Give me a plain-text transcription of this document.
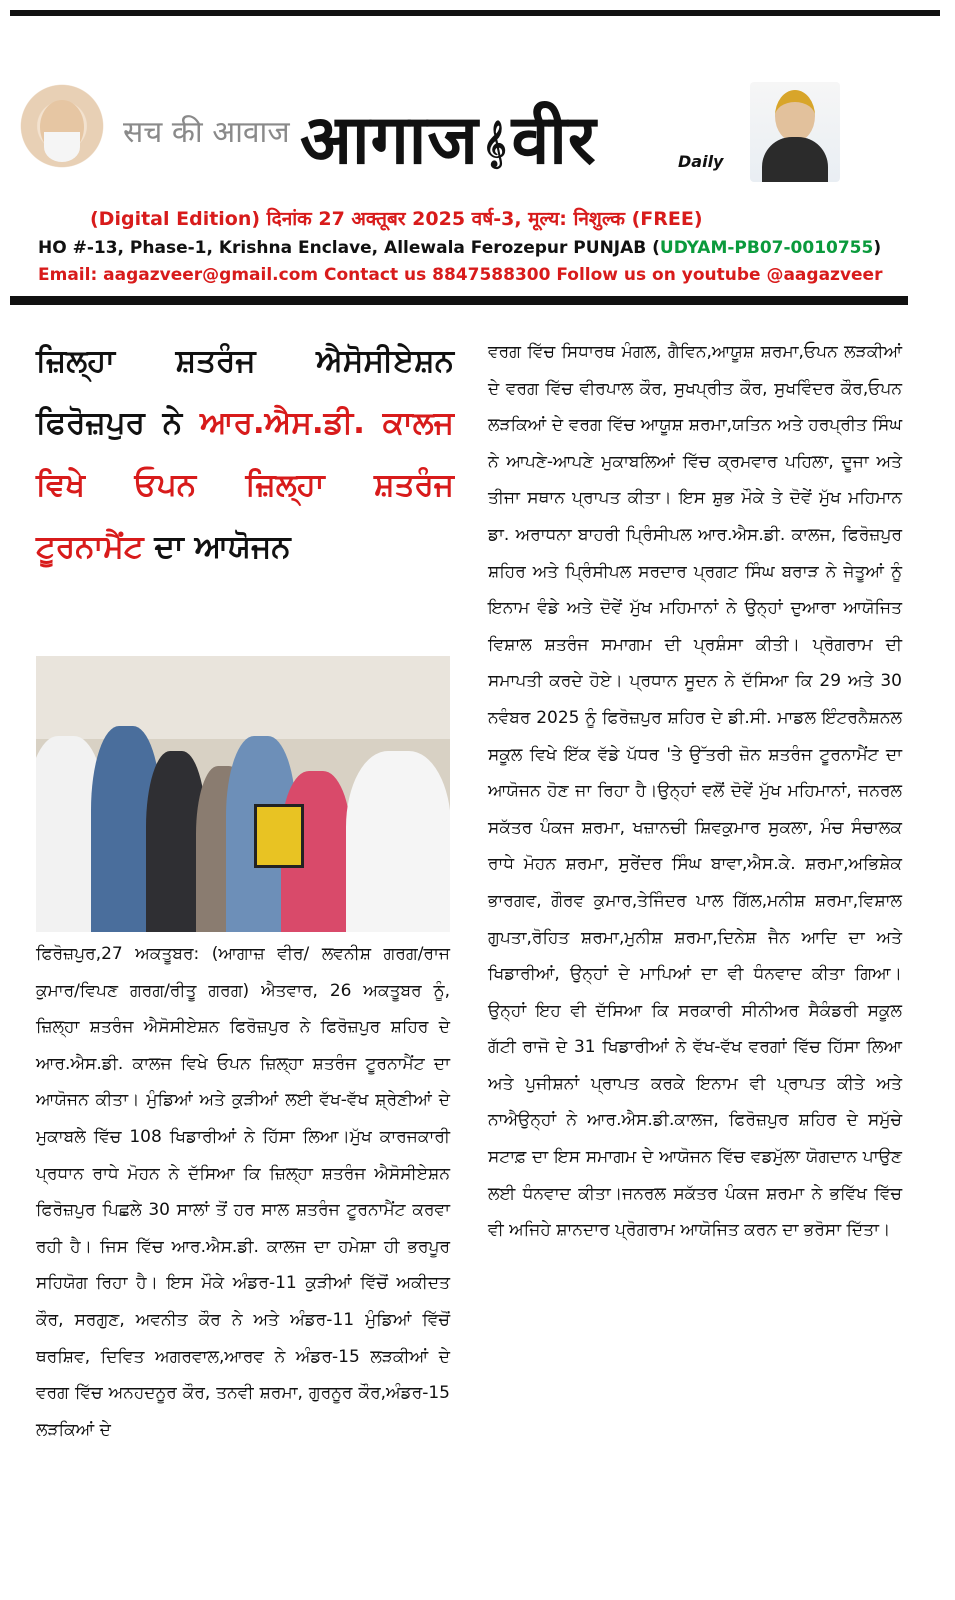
सच की आवाज आगाज 𝄞वीर	Daily
(Digital Edition) दिनांक 27 अक्तूबर 2025 वर्ष-3, मूल्य: निशुल्क (FREE)
HO #-13, Phase-1, Krishna Enclave, Allewala Ferozepur PUNJAB (UDYAM-PB07-0010755)
Email: aagazveer@gmail.com Contact us 8847588300 Follow us on youtube @aagazveer
ਜ਼ਿਲ੍ਹਾ ਸ਼ਤਰੰਜ ਐਸੋਸੀਏਸ਼ਨ ਫਿਰੋਜ਼ਪੁਰ ਨੇ ਆਰ.ਐਸ.ਡੀ. ਕਾਲਜ ਵਿਖੇ ਓਪਨ ਜ਼ਿਲ੍ਹਾ ਸ਼ਤਰੰਜ ਟੂਰਨਾਮੈਂਟ ਦਾ ਆਯੋਜਨ

ਫਿਰੋਜ਼ਪੁਰ,27 ਅਕਤੂਬਰ: (ਆਗਾਜ਼ ਵੀਰ/ ਲਵਨੀਸ਼ ਗਰਗ/ਰਾਜ ਕੁਮਾਰ/ਵਿਪਣ ਗਰਗ/ਰੀਤੂ ਗਰਗ) ਐਤਵਾਰ, 26 ਅਕਤੂਬਰ ਨੂੰ, ਜ਼ਿਲ੍ਹਾ ਸ਼ਤਰੰਜ ਐਸੋਸੀਏਸ਼ਨ ਫਿਰੋਜ਼ਪੁਰ ਨੇ ਫਿਰੋਜ਼ਪੁਰ ਸ਼ਹਿਰ ਦੇ ਆਰ.ਐਸ.ਡੀ. ਕਾਲਜ ਵਿਖੇ ਓਪਨ ਜ਼ਿਲ੍ਹਾ ਸ਼ਤਰੰਜ ਟੂਰਨਾਮੈਂਟ ਦਾ ਆਯੋਜਨ ਕੀਤਾ। ਮੁੰਡਿਆਂ ਅਤੇ ਕੁੜੀਆਂ ਲਈ ਵੱਖ-ਵੱਖ ਸ਼੍ਰੇਣੀਆਂ ਦੇ ਮੁਕਾਬਲੇ ਵਿੱਚ 108 ਖਿਡਾਰੀਆਂ ਨੇ ਹਿੱਸਾ ਲਿਆ।ਮੁੱਖ ਕਾਰਜਕਾਰੀ ਪ੍ਰਧਾਨ ਰਾਧੇ ਮੋਹਨ ਨੇ ਦੱਸਿਆ ਕਿ ਜ਼ਿਲ੍ਹਾ ਸ਼ਤਰੰਜ ਐਸੋਸੀਏਸ਼ਨ ਫਿਰੋਜ਼ਪੁਰ ਪਿਛਲੇ 30 ਸਾਲਾਂ ਤੋਂ ਹਰ ਸਾਲ ਸ਼ਤਰੰਜ ਟੂਰਨਾਮੈਂਟ ਕਰਵਾ ਰਹੀ ਹੈ। ਜਿਸ ਵਿੱਚ ਆਰ.ਐਸ.ਡੀ. ਕਾਲਜ ਦਾ ਹਮੇਸ਼ਾ ਹੀ ਭਰਪੂਰ ਸਹਿਯੋਗ ਰਿਹਾ ਹੈ। ਇਸ ਮੌਕੇ ਅੰਡਰ-11 ਕੁੜੀਆਂ ਵਿੱਚੋਂ ਅਕੀਦਤ ਕੌਰ, ਸਰਗੁਣ, ਅਵਨੀਤ ਕੌਰ ਨੇ ਅਤੇ ਅੰਡਰ-11 ਮੁੰਡਿਆਂ ਵਿੱਚੋਂ ਥਰਸ਼ਿਵ, ਦਿਵਿਤ ਅਗਰਵਾਲ,ਆਰਵ ਨੇ ਅੰਡਰ-15 ਲੜਕੀਆਂ ਦੇ ਵਰਗ ਵਿੱਚ ਅਨਹਦਨੂਰ ਕੌਰ, ਤਨਵੀ ਸ਼ਰਮਾ, ਗੁਰਨੂਰ ਕੌਰ,ਅੰਡਰ-15 ਲੜਕਿਆਂ ਦੇ

ਵਰਗ ਵਿੱਚ ਸਿਧਾਰਥ ਮੰਗਲ, ਗੈਵਿਨ,ਆਯੂਸ਼ ਸ਼ਰਮਾ,ਓਪਨ ਲੜਕੀਆਂ ਦੇ ਵਰਗ ਵਿੱਚ ਵੀਰਪਾਲ ਕੌਰ, ਸੁਖਪ੍ਰੀਤ ਕੌਰ, ਸੁਖਵਿੰਦਰ ਕੌਰ,ਓਪਨ ਲੜਕਿਆਂ ਦੇ ਵਰਗ ਵਿੱਚ ਆਯੂਸ਼ ਸ਼ਰਮਾ,ਯਤਿਨ ਅਤੇ ਹਰਪ੍ਰੀਤ ਸਿੰਘ ਨੇ ਆਪਣੇ-ਆਪਣੇ ਮੁਕਾਬਲਿਆਂ ਵਿੱਚ ਕ੍ਰਮਵਾਰ ਪਹਿਲਾ, ਦੂਜਾ ਅਤੇ ਤੀਜਾ ਸਥਾਨ ਪ੍ਰਾਪਤ ਕੀਤਾ। ਇਸ ਸ਼ੁਭ ਮੌਕੇ ਤੇ ਦੋਵੇਂ ਮੁੱਖ ਮਹਿਮਾਨ ਡਾ. ਅਰਾਧਨਾ ਬਾਹਰੀ ਪ੍ਰਿੰਸੀਪਲ ਆਰ.ਐਸ.ਡੀ. ਕਾਲਜ, ਫਿਰੋਜ਼ਪੁਰ ਸ਼ਹਿਰ ਅਤੇ ਪ੍ਰਿੰਸੀਪਲ ਸਰਦਾਰ ਪ੍ਰਗਟ ਸਿੰਘ ਬਰਾੜ ਨੇ ਜੇਤੂਆਂ ਨੂੰ ਇਨਾਮ ਵੰਡੇ ਅਤੇ ਦੋਵੇਂ ਮੁੱਖ ਮਹਿਮਾਨਾਂ ਨੇ ਉਨ੍ਹਾਂ ਦੁਆਰਾ ਆਯੋਜਿਤ ਵਿਸ਼ਾਲ ਸ਼ਤਰੰਜ ਸਮਾਗਮ ਦੀ ਪ੍ਰਸ਼ੰਸਾ ਕੀਤੀ। ਪ੍ਰੋਗਰਾਮ ਦੀ ਸਮਾਪਤੀ ਕਰਦੇ ਹੋਏ। ਪ੍ਰਧਾਨ ਸੂਦਨ ਨੇ ਦੱਸਿਆ ਕਿ 29 ਅਤੇ 30 ਨਵੰਬਰ 2025 ਨੂੰ ਫਿਰੋਜ਼ਪੁਰ ਸ਼ਹਿਰ ਦੇ ਡੀ.ਸੀ. ਮਾਡਲ ਇੰਟਰਨੈਸ਼ਨਲ ਸਕੂਲ ਵਿਖੇ ਇੱਕ ਵੱਡੇ ਪੱਧਰ 'ਤੇ ਉੱਤਰੀ ਜ਼ੋਨ ਸ਼ਤਰੰਜ ਟੂਰਨਾਮੈਂਟ ਦਾ ਆਯੋਜਨ ਹੋਣ ਜਾ ਰਿਹਾ ਹੈ।ਉਨ੍ਹਾਂ ਵਲੋਂ ਦੋਵੇਂ ਮੁੱਖ ਮਹਿਮਾਨਾਂ, ਜਨਰਲ ਸਕੱਤਰ ਪੰਕਜ ਸ਼ਰਮਾ, ਖਜ਼ਾਨਚੀ ਸ਼ਿਵਕੁਮਾਰ ਸੁਕਲਾ, ਮੰਚ ਸੰਚਾਲਕ ਰਾਧੇ ਮੋਹਨ ਸ਼ਰਮਾ, ਸੁਰੇਂਦਰ ਸਿੰਘ ਬਾਵਾ,ਐਸ.ਕੇ. ਸ਼ਰਮਾ,ਅਭਿਸ਼ੇਕ ਭਾਰਗਵ, ਗੌਰਵ ਕੁਮਾਰ,ਤੇਜਿੰਦਰ ਪਾਲ ਗਿੱਲ,ਮਨੀਸ਼ ਸ਼ਰਮਾ,ਵਿਸ਼ਾਲ ਗੁਪਤਾ,ਰੋਹਿਤ ਸ਼ਰਮਾ,ਮੁਨੀਸ਼ ਸ਼ਰਮਾ,ਦਿਨੇਸ਼ ਜੈਨ ਆਦਿ ਦਾ ਅਤੇ ਖਿਡਾਰੀਆਂ, ਉਨ੍ਹਾਂ ਦੇ ਮਾਪਿਆਂ ਦਾ ਵੀ ਧੰਨਵਾਦ ਕੀਤਾ ਗਿਆ। ਉਨ੍ਹਾਂ ਇਹ ਵੀ ਦੱਸਿਆ ਕਿ ਸਰਕਾਰੀ ਸੀਨੀਅਰ ਸੈਕੰਡਰੀ ਸਕੂਲ ਗੱਟੀ ਰਾਜੋ ਦੇ 31 ਖਿਡਾਰੀਆਂ ਨੇ ਵੱਖ-ਵੱਖ ਵਰਗਾਂ ਵਿੱਚ ਹਿੱਸਾ ਲਿਆ ਅਤੇ ਪੁਜੀਸ਼ਨਾਂ ਪ੍ਰਾਪਤ ਕਰਕੇ ਇਨਾਮ ਵੀ ਪ੍ਰਾਪਤ ਕੀਤੇ ਅਤੇ ਨਾਐਉਨ੍ਹਾਂ ਨੇ ਆਰ.ਐਸ.ਡੀ.ਕਾਲਜ, ਫਿਰੋਜ਼ਪੁਰ ਸ਼ਹਿਰ ਦੇ ਸਮੁੱਚੇ ਸਟਾਫ਼ ਦਾ ਇਸ ਸਮਾਗਮ ਦੇ ਆਯੋਜਨ ਵਿੱਚ ਵਡਮੁੱਲਾ ਯੋਗਦਾਨ ਪਾਉਣ ਲਈ ਧੰਨਵਾਦ ਕੀਤਾ।ਜਨਰਲ ਸਕੱਤਰ ਪੰਕਜ ਸ਼ਰਮਾ ਨੇ ਭਵਿੱਖ ਵਿੱਚ ਵੀ ਅਜਿਹੇ ਸ਼ਾਨਦਾਰ ਪ੍ਰੋਗਰਾਮ ਆਯੋਜਿਤ ਕਰਨ ਦਾ ਭਰੋਸਾ ਦਿੱਤਾ।
